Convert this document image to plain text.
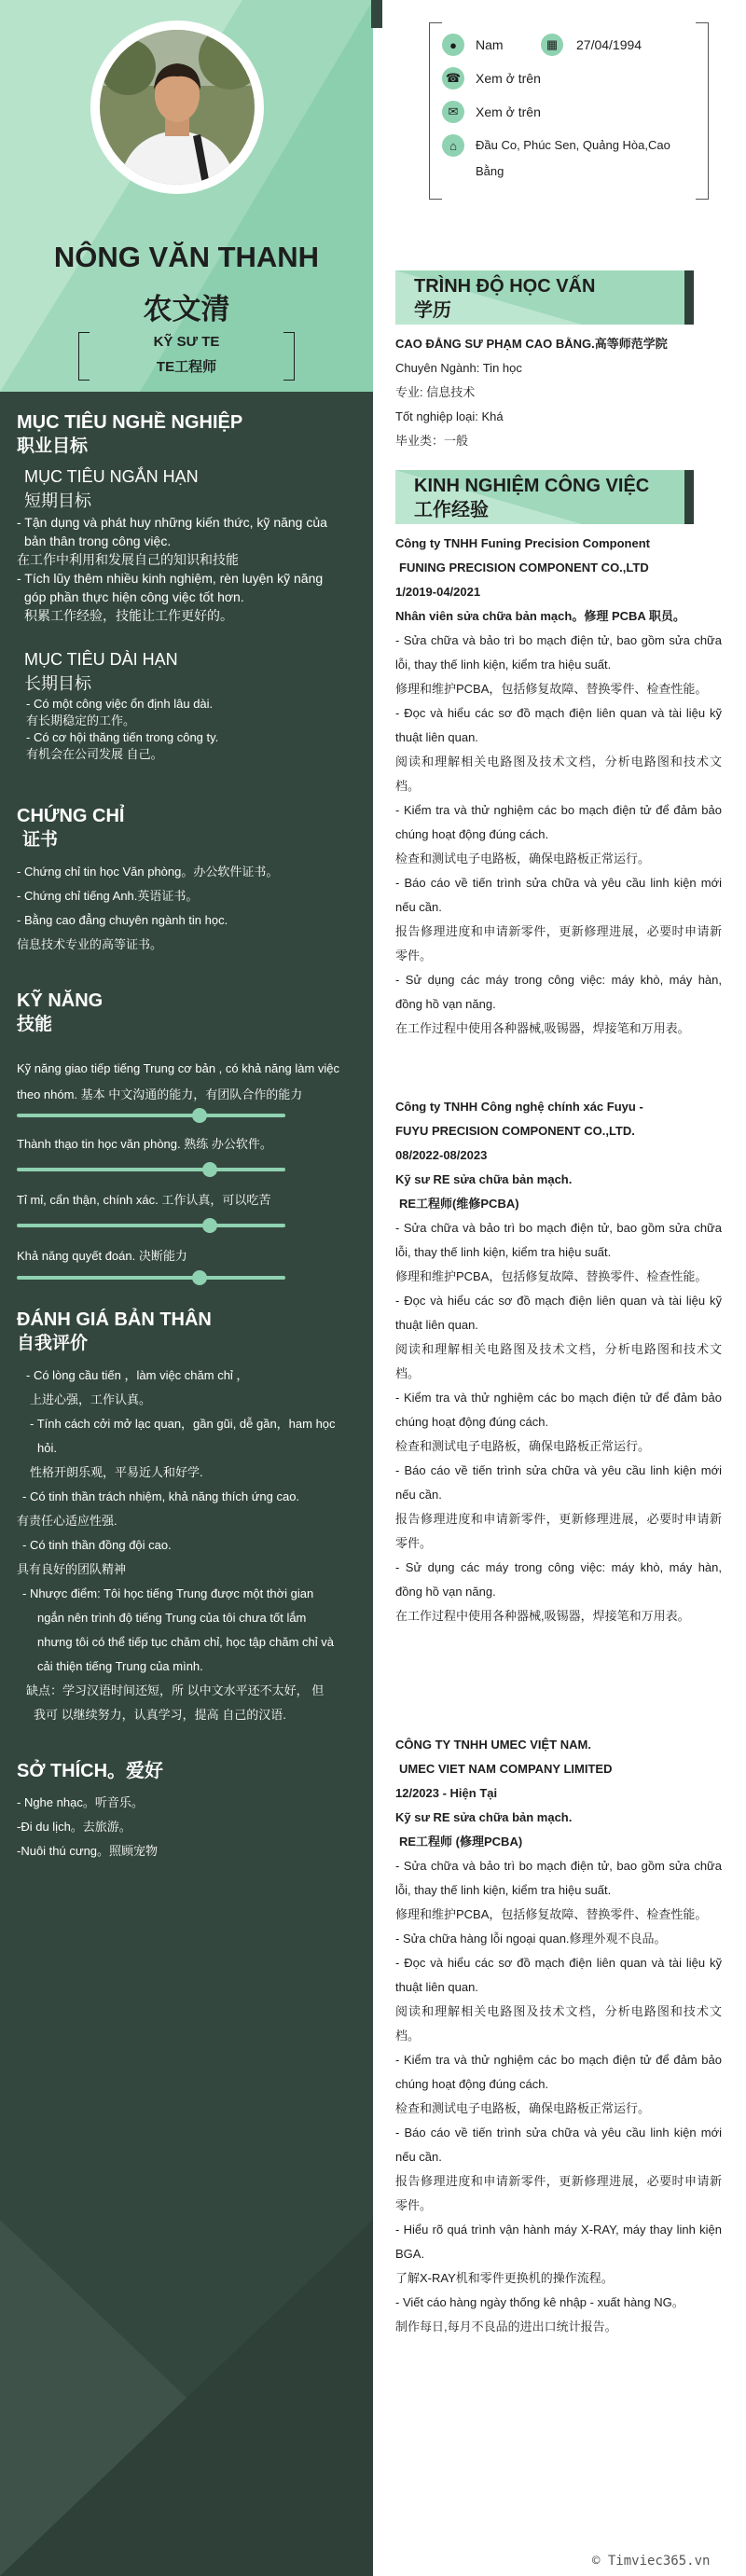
NÔNG VĂN THANH
农文清
KỸ SƯ TE
TE工程师
MỤC TIÊU NGHỀ NGHIỆP
职业目标
MỤC TIÊU NGẮN HẠN
短期目标
- Tận dụng và phát huy những kiến thức, kỹ năng của
bản thân trong công việc.
在工作中利用和发展自己的知识和技能
- Tích lũy thêm nhiều kinh nghiệm, rèn luyện kỹ năng
góp phần thực hiện công việc tốt hơn.
积累工作经验，技能让工作更好的。
MỤC TIÊU DÀI HẠN
长期目标
- Có một công việc ổn định lâu dài.
有长期稳定的工作。
- Có cơ hội thăng tiến trong công ty.
有机会在公司发展 自己。
CHỨNG CHỈ
证书
- Chứng chỉ tin học Văn phòng。办公软件证书。
- Chứng chỉ tiếng Anh.英语证书。
- Bằng cao đẳng chuyên ngành tin học.
信息技术专业的高等证书。
KỸ NĂNG
技能
Kỹ năng giao tiếp tiếng Trung cơ bản , có khả năng làm việc theo nhóm. 基本 中文沟通的能力，有团队合作的能力
Thành thạo tin học văn phòng. 熟练 办公软件。
Tỉ mỉ, cẩn thận, chính xác. 工作认真，可以吃苦
Khả năng quyết đoán. 决断能力
ĐÁNH GIÁ BẢN THÂN
自我评价
- Có lòng cầu tiến ，làm việc chăm chỉ ，
上进心强，工作认真。
- Tính cách cởi mở lạc quan，gần gũi, dễ gần，ham học
hỏi.
性格开朗乐观，平易近人和好学.
- Có tinh thần trách nhiệm, khả năng thích ứng cao.
有责任心适应性强.
- Có tinh thần đồng đội cao.
具有良好的团队精神
- Nhược điểm: Tôi học tiếng Trung được một thời gian
ngắn nên trình độ tiếng Trung của tôi chưa tốt lắm
nhưng tôi có thể tiếp tục chăm chỉ, học tập chăm chỉ và
cải thiện tiếng Trung của mình.
缺点：学习汉语时间还短，所 以中文水平还不太好， 但
我可 以继续努力，认真学习，提高 自己的汉语.
SỞ THÍCH。爱好
- Nghe nhạc。听音乐。
-Đi du lịch。去旅游。
-Nuôi thú cưng。照顾宠物
●	Nam	▦	27/04/1994
☎ Xem ở trên
✉	Xem ở trên
⌂	Đầu Co, Phúc Sen, Quảng Hòa,Cao
Bằng
TRÌNH ĐỘ HỌC VẤN
学历
CAO ĐẲNG SƯ PHẠM CAO BẰNG.高等师范学院
Chuyên Ngành: Tin học
专业: 信息技术
Tốt nghiệp loại: Khá
毕业类：一般
KINH NGHIỆM CÔNG VIỆC
工作经验
Công ty TNHH Funing Precision Component
FUNING PRECISION COMPONENT CO.,LTD
1/2019-04/2021
Nhân viên sửa chữa bản mạch。修理 PCBA 职员。
- Sửa chữa và bảo trì bo mạch điện tử, bao gồm sửa chữa lỗi, thay thế linh kiện, kiểm tra hiệu suất.
修理和维护PCBA，包括修复故障、替换零件、检查性能。
- Đọc và hiểu các sơ đồ mạch điện liên quan và tài liệu kỹ thuật liên quan.
阅读和理解相关电路图及技术文档，分析电路图和技术文档。
- Kiểm tra và thử nghiệm các bo mạch điện tử để đảm bảo chúng hoạt động đúng cách.
检查和测试电子电路板，确保电路板正常运行。
- Báo cáo về tiến trình sửa chữa và yêu cầu linh kiện mới nếu cần.
报告修理进度和申请新零件，更新修理进展，必要时申请新零件。
- Sử dụng các máy trong công việc: máy khò, máy hàn, đồng hồ vạn năng.
在工作过程中使用各种器械,吸锡器，焊接笔和万用表。
Công ty TNHH Công nghệ chính xác Fuyu -
FUYU PRECISION COMPONENT CO.,LTD.
08/2022-08/2023
Kỹ sư RE sửa chữa bản mạch.
RE工程师(维修PCBA)
- Sửa chữa và bảo trì bo mạch điện tử, bao gồm sửa chữa lỗi, thay thế linh kiện, kiểm tra hiệu suất.
修理和维护PCBA，包括修复故障、替换零件、检查性能。
- Đọc và hiểu các sơ đồ mạch điện liên quan và tài liệu kỹ thuật liên quan.
阅读和理解相关电路图及技术文档，分析电路图和技术文档。
- Kiểm tra và thử nghiệm các bo mạch điện tử để đảm bảo chúng hoạt động đúng cách.
检查和测试电子电路板，确保电路板正常运行。
- Báo cáo về tiến trình sửa chữa và yêu cầu linh kiện mới nếu cần.
报告修理进度和申请新零件，更新修理进展，必要时申请新零件。
- Sử dụng các máy trong công việc: máy khò, máy hàn, đồng hồ vạn năng.
在工作过程中使用各种器械,吸锡器，焊接笔和万用表。
CÔNG TY TNHH UMEC VIỆT NAM.
UMEC VIET NAM COMPANY LIMITED
12/2023 - Hiện Tại
Kỹ sư RE sửa chữa bản mạch.
RE工程师 (修理PCBA)
- Sửa chữa và bảo trì bo mạch điện tử, bao gồm sửa chữa lỗi, thay thế linh kiện, kiểm tra hiệu suất.
修理和维护PCBA，包括修复故障、替换零件、检查性能。
- Sửa chữa hàng lỗi ngoại quan.修理外观不良品。
- Đọc và hiểu các sơ đồ mạch điện liên quan và tài liệu kỹ thuật liên quan.
阅读和理解相关电路图及技术文档，分析电路图和技术文档。
- Kiểm tra và thử nghiệm các bo mạch điện tử để đảm bảo chúng hoạt động đúng cách.
检查和测试电子电路板，确保电路板正常运行。
- Báo cáo về tiến trình sửa chữa và yêu cầu linh kiện mới nếu cần.
报告修理进度和申请新零件，更新修理进展，必要时申请新零件。
- Hiểu rõ quá trình vận hành máy X-RAY, máy thay linh kiện BGA.
了解X-RAY机和零件更换机的操作流程。
- Viết cáo hàng ngày thống kê nhập - xuất hàng NG。
制作每日,每月不良品的进出口统计报告。
© Timviec365.vn
